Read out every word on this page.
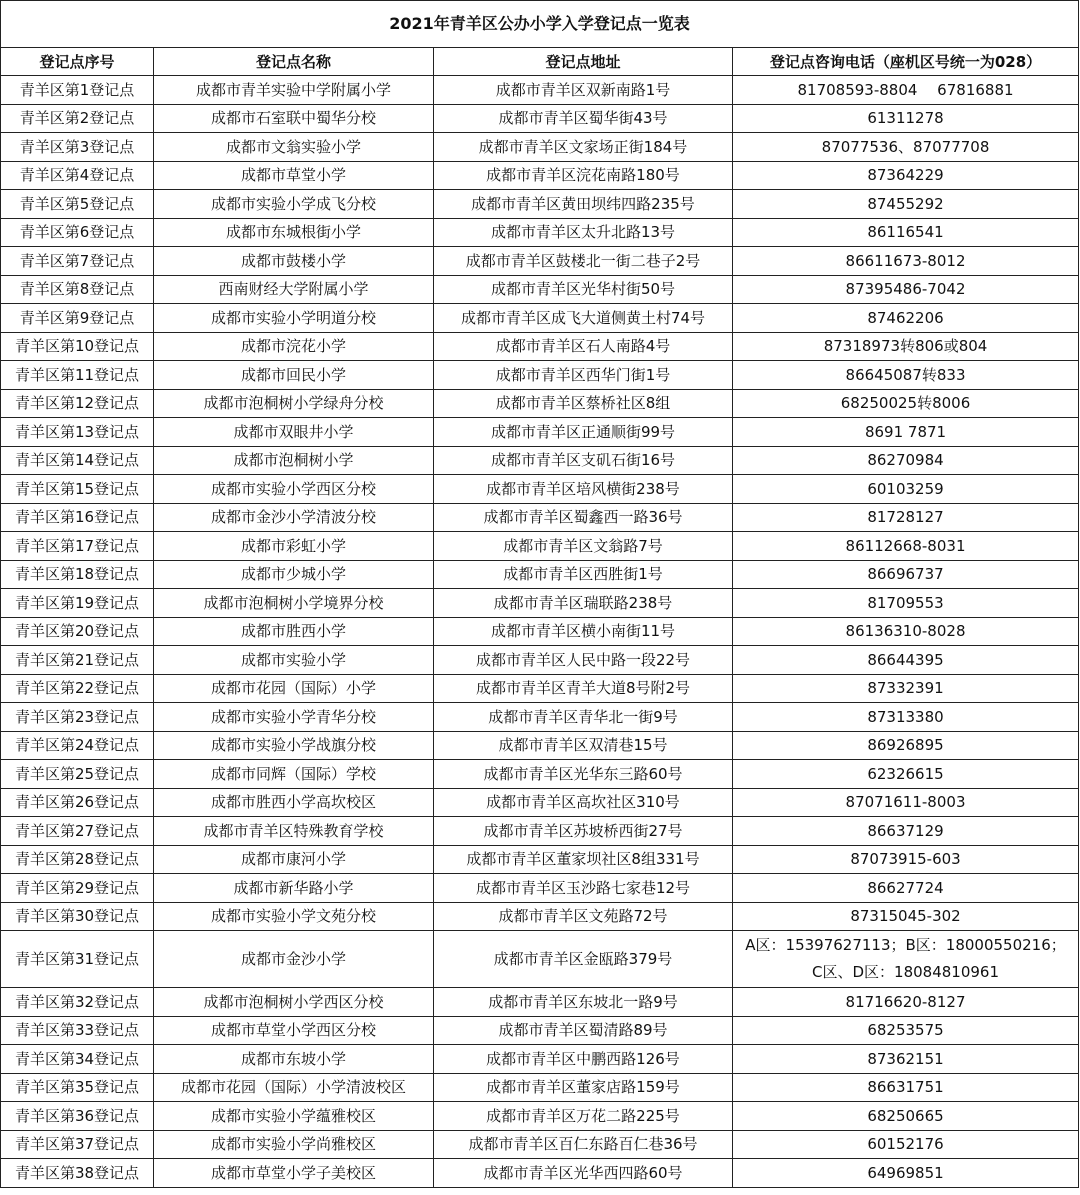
2021年青羊区公办小学入学登记点一览表			
登记点序号	登记点名称	登记点地址	登记点咨询电话（座机区号统一为028）
青羊区第1登记点	成都市青羊实验中学附属小学	成都市青羊区双新南路1号	81708593-8804　 67816881
青羊区第2登记点	成都市石室联中蜀华分校	成都市青羊区蜀华街43号	61311278
青羊区第3登记点	成都市文翁实验小学	成都市青羊区文家场正街184号	87077536、87077708
青羊区第4登记点	成都市草堂小学	成都市青羊区浣花南路180号	87364229
青羊区第5登记点	成都市实验小学成飞分校	成都市青羊区黄田坝纬四路235号	87455292
青羊区第6登记点	成都市东城根街小学	成都市青羊区太升北路13号	86116541
青羊区第7登记点	成都市鼓楼小学	成都市青羊区鼓楼北一街二巷子2号	86611673-8012
青羊区第8登记点	西南财经大学附属小学	成都市青羊区光华村街50号	87395486-7042
青羊区第9登记点	成都市实验小学明道分校	成都市青羊区成飞大道侧黄土村74号	87462206
青羊区第10登记点	成都市浣花小学	成都市青羊区石人南路4号	87318973转806或804
青羊区第11登记点	成都市回民小学	成都市青羊区西华门街1号	86645087转833
青羊区第12登记点	成都市泡桐树小学绿舟分校	成都市青羊区蔡桥社区8组	68250025转8006
青羊区第13登记点	成都市双眼井小学	成都市青羊区正通顺街99号	8691 7871
青羊区第14登记点	成都市泡桐树小学	成都市青羊区支矶石街16号	86270984
青羊区第15登记点	成都市实验小学西区分校	成都市青羊区培风横街238号	60103259
青羊区第16登记点	成都市金沙小学清波分校	成都市青羊区蜀鑫西一路36号	81728127
青羊区第17登记点	成都市彩虹小学	成都市青羊区文翁路7号	86112668-8031
青羊区第18登记点	成都市少城小学	成都市青羊区西胜街1号	86696737
青羊区第19登记点	成都市泡桐树小学境界分校	成都市青羊区瑞联路238号	81709553
青羊区第20登记点	成都市胜西小学	成都市青羊区横小南街11号	86136310-8028
青羊区第21登记点	成都市实验小学	成都市青羊区人民中路一段22号	86644395
青羊区第22登记点	成都市花园（国际）小学	成都市青羊区青羊大道8号附2号	87332391
青羊区第23登记点	成都市实验小学青华分校	成都市青羊区青华北一街9号	87313380
青羊区第24登记点	成都市实验小学战旗分校	成都市青羊区双清巷15号	86926895
青羊区第25登记点	成都市同辉（国际）学校	成都市青羊区光华东三路60号	62326615
青羊区第26登记点	成都市胜西小学高坎校区	成都市青羊区高坎社区310号	87071611-8003
青羊区第27登记点	成都市青羊区特殊教育学校	成都市青羊区苏坡桥西街27号	86637129
青羊区第28登记点	成都市康河小学	成都市青羊区董家坝社区8组331号	87073915-603
青羊区第29登记点	成都市新华路小学	成都市青羊区玉沙路七家巷12号	86627724
青羊区第30登记点	成都市实验小学文苑分校	成都市青羊区文苑路72号	87315045-302
青羊区第31登记点	成都市金沙小学	成都市青羊区金瓯路379号	A区：15397627113；B区：18000550216；
C区、D区：18084810961

青羊区第32登记点	成都市泡桐树小学西区分校	成都市青羊区东坡北一路9号	81716620-8127
青羊区第33登记点	成都市草堂小学西区分校	成都市青羊区蜀清路89号	68253575
青羊区第34登记点	成都市东坡小学	成都市青羊区中鹏西路126号	87362151
青羊区第35登记点	成都市花园（国际）小学清波校区	成都市青羊区董家店路159号	86631751
青羊区第36登记点	成都市实验小学蕴雅校区	成都市青羊区万花二路225号	68250665
青羊区第37登记点	成都市实验小学尚雅校区	成都市青羊区百仁东路百仁巷36号	60152176
青羊区第38登记点	成都市草堂小学子美校区	成都市青羊区光华西四路60号	64969851
